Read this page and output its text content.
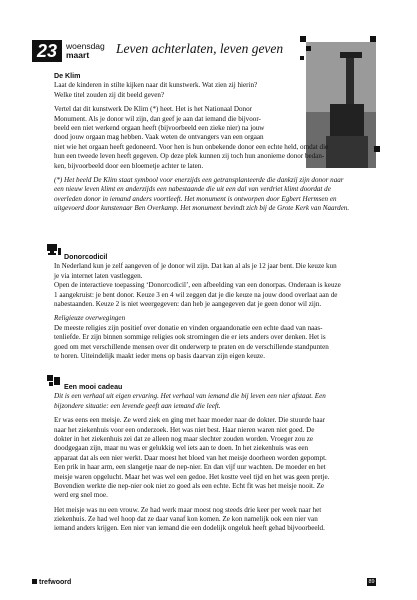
23	woensdag
maart	Leven achterlaten, leven geven
De Klim
Laat de kinderen in stilte kijken naar dit kunstwerk. Wat zien zij hierin?
Welke titel zouden zij dit beeld geven?
Vertel dat dit kunstwerk De Klim (*) heet. Het is het Nationaal Donor
Monument. Als je donor wil zijn, dan geef je aan dat iemand die bijvoor-
beeld een niet werkend orgaan heeft (bijvoorbeeld een zieke nier) na jouw
dood jouw orgaan mag hebben. Vaak weten de ontvangers van een orgaan
niet wie het orgaan heeft gedoneerd. Voor hen is hun onbekende donor een echte held, omdat die
hun een tweede leven heeft gegeven. Op deze plek kunnen zij toch hun anonieme donor bedan-
ken, bijvoorbeeld door een bloemetje achter te laten.
(*) Het beeld De Klim staat symbool voor enerzijds een getransplanteerde die dankzij zijn donor naar
een nieuw leven klimt en anderzijds een nabestaande die uit een dal van verdriet klimt doordat de
overleden donor in iemand anders voortleeft. Het monument is ontworpen door Egbert Hermsen en
uitgevoerd door kunstenaar Ben Overkamp. Het monument bevindt zich bij de Grote Kerk van Naarden.
Donorcodicil
In Nederland kun je zelf aangeven of je donor wil zijn. Dat kan al als je 12 jaar bent. Die keuze kun
je via internet laten vastleggen.
Open de interactieve toepassing ‘Donorcodicil’, een afbeelding van een donorpas. Onderaan is keuze
1 aangekruist: je bent donor. Keuze 3 en 4 wil zeggen dat je die keuze na jouw dood overlaat aan de
nabestaanden. Keuze 2 is niet weergegeven: dan heb je aangegeven dat je geen donor wil zijn.
Religieuze overwegingen
De meeste religies zijn positief over donatie en vinden orgaandonatie een echte daad van naas-
tenliefde. Er zijn binnen sommige religies ook stromingen die er iets anders over denken. Het is
goed om met verschillende mensen over dit onderwerp te praten en de verschillende standpunten
te horen. Uiteindelijk maakt ieder mens op basis daarvan zijn eigen keuze.
Een mooi cadeau
Dit is een verhaal uit eigen ervaring. Het verhaal van iemand die bij leven een nier afstaat. Een
bijzondere situatie: een levende geeft aan iemand die leeft.
Er was eens een meisje. Ze werd ziek en ging met haar moeder naar de dokter. Die stuurde haar
naar het ziekenhuis voor een onderzoek. Het was niet best. Haar nieren waren niet goed. De
dokter in het ziekenhuis zei dat ze alleen nog maar slechter zouden worden. Vroeger zou ze
doodgegaan zijn, maar nu was er gelukkig wel iets aan te doen. In het ziekenhuis was een
apparaat dat als een nier werkt. Daar moest het bloed van het meisje doorheen worden gepompt.
Een prik in haar arm, een slangetje naar de nep-nier. En dan vijf uur wachten. De moeder en het
meisje waren opgelucht. Maar het was wel een gedoe. Het kostte veel tijd en het was geen pretje.
Bovendien werkte die nep-nier ook niet zo goed als een echte. Echt fit was het meisje nooit. Ze
werd erg snel moe.
Het meisje was nu een vrouw. Ze had werk maar moest nog steeds drie keer per week naar het
ziekenhuis. Ze had wel hoop dat ze daar vanaf kon komen. Ze kon namelijk ook een nier van
iemand anders krijgen. Een nier van iemand die een dodelijk ongeluk heeft gehad bijvoorbeeld.
trefwoord	89
